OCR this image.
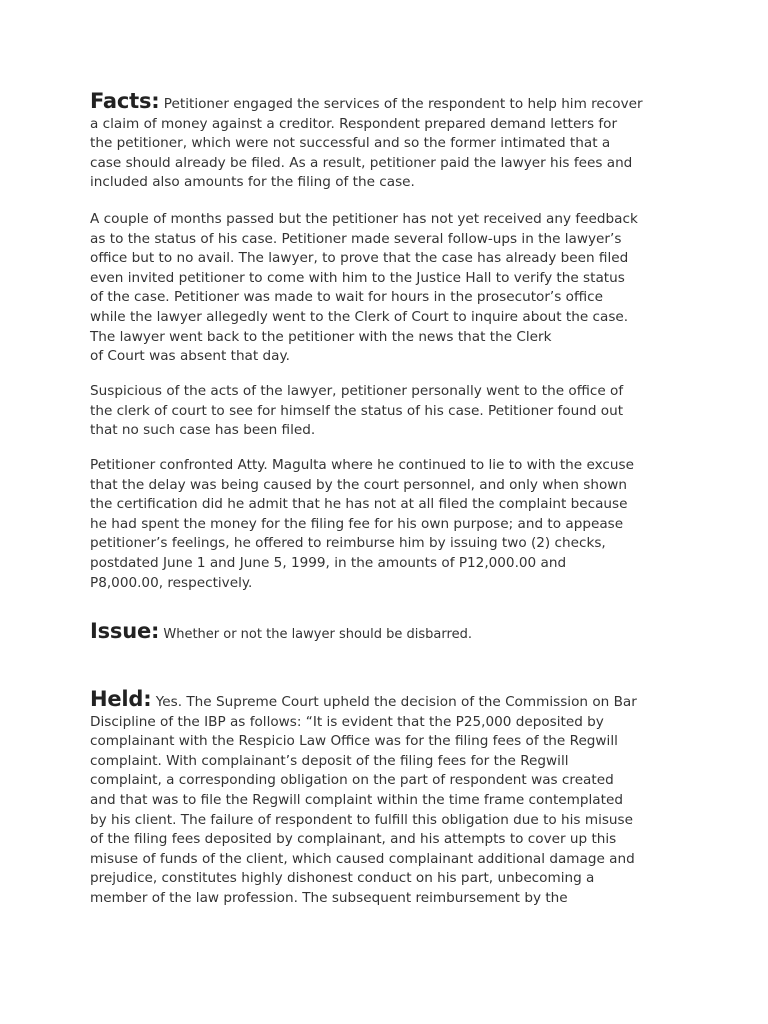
Facts: Petitioner engaged the services of the respondent to help him recover
a claim of money against a creditor. Respondent prepared demand letters for
the petitioner, which were not successful and so the former intimated that a
case should already be filed. As a result, petitioner paid the lawyer his fees and
included also amounts for the filing of the case.

A couple of months passed but the petitioner has not yet received any feedback
as to the status of his case. Petitioner made several follow-ups in the lawyer’s
office but to no avail. The lawyer, to prove that the case has already been filed
even invited petitioner to come with him to the Justice Hall to verify the status
of the case. Petitioner was made to wait for hours in the prosecutor’s office
while the lawyer allegedly went to the Clerk of Court to inquire about the case.
The lawyer went back to the petitioner with the news that the Clerk
of Court was absent that day.

Suspicious of the acts of the lawyer, petitioner personally went to the office of
the clerk of court to see for himself the status of his case. Petitioner found out
that no such case has been filed.

Petitioner confronted Atty. Magulta where he continued to lie to with the excuse
that the delay was being caused by the court personnel, and only when shown
the certification did he admit that he has not at all filed the complaint because
he had spent the money for the filing fee for his own purpose; and to appease
petitioner’s feelings, he offered to reimburse him by issuing two (2) checks,
postdated June 1 and June 5, 1999, in the amounts of P12,000.00 and
P8,000.00, respectively.

Issue: Whether or not the lawyer should be disbarred.

Held: Yes. The Supreme Court upheld the decision of the Commission on Bar
Discipline of the IBP as follows: “It is evident that the P25,000 deposited by
complainant with the Respicio Law Office was for the filing fees of the Regwill
complaint. With complainant’s deposit of the filing fees for the Regwill
complaint, a corresponding obligation on the part of respondent was created
and that was to file the Regwill complaint within the time frame contemplated
by his client. The failure of respondent to fulfill this obligation due to his misuse
of the filing fees deposited by complainant, and his attempts to cover up this
misuse of funds of the client, which caused complainant additional damage and
prejudice, constitutes highly dishonest conduct on his part, unbecoming a
member of the law profession. The subsequent reimbursement by the
